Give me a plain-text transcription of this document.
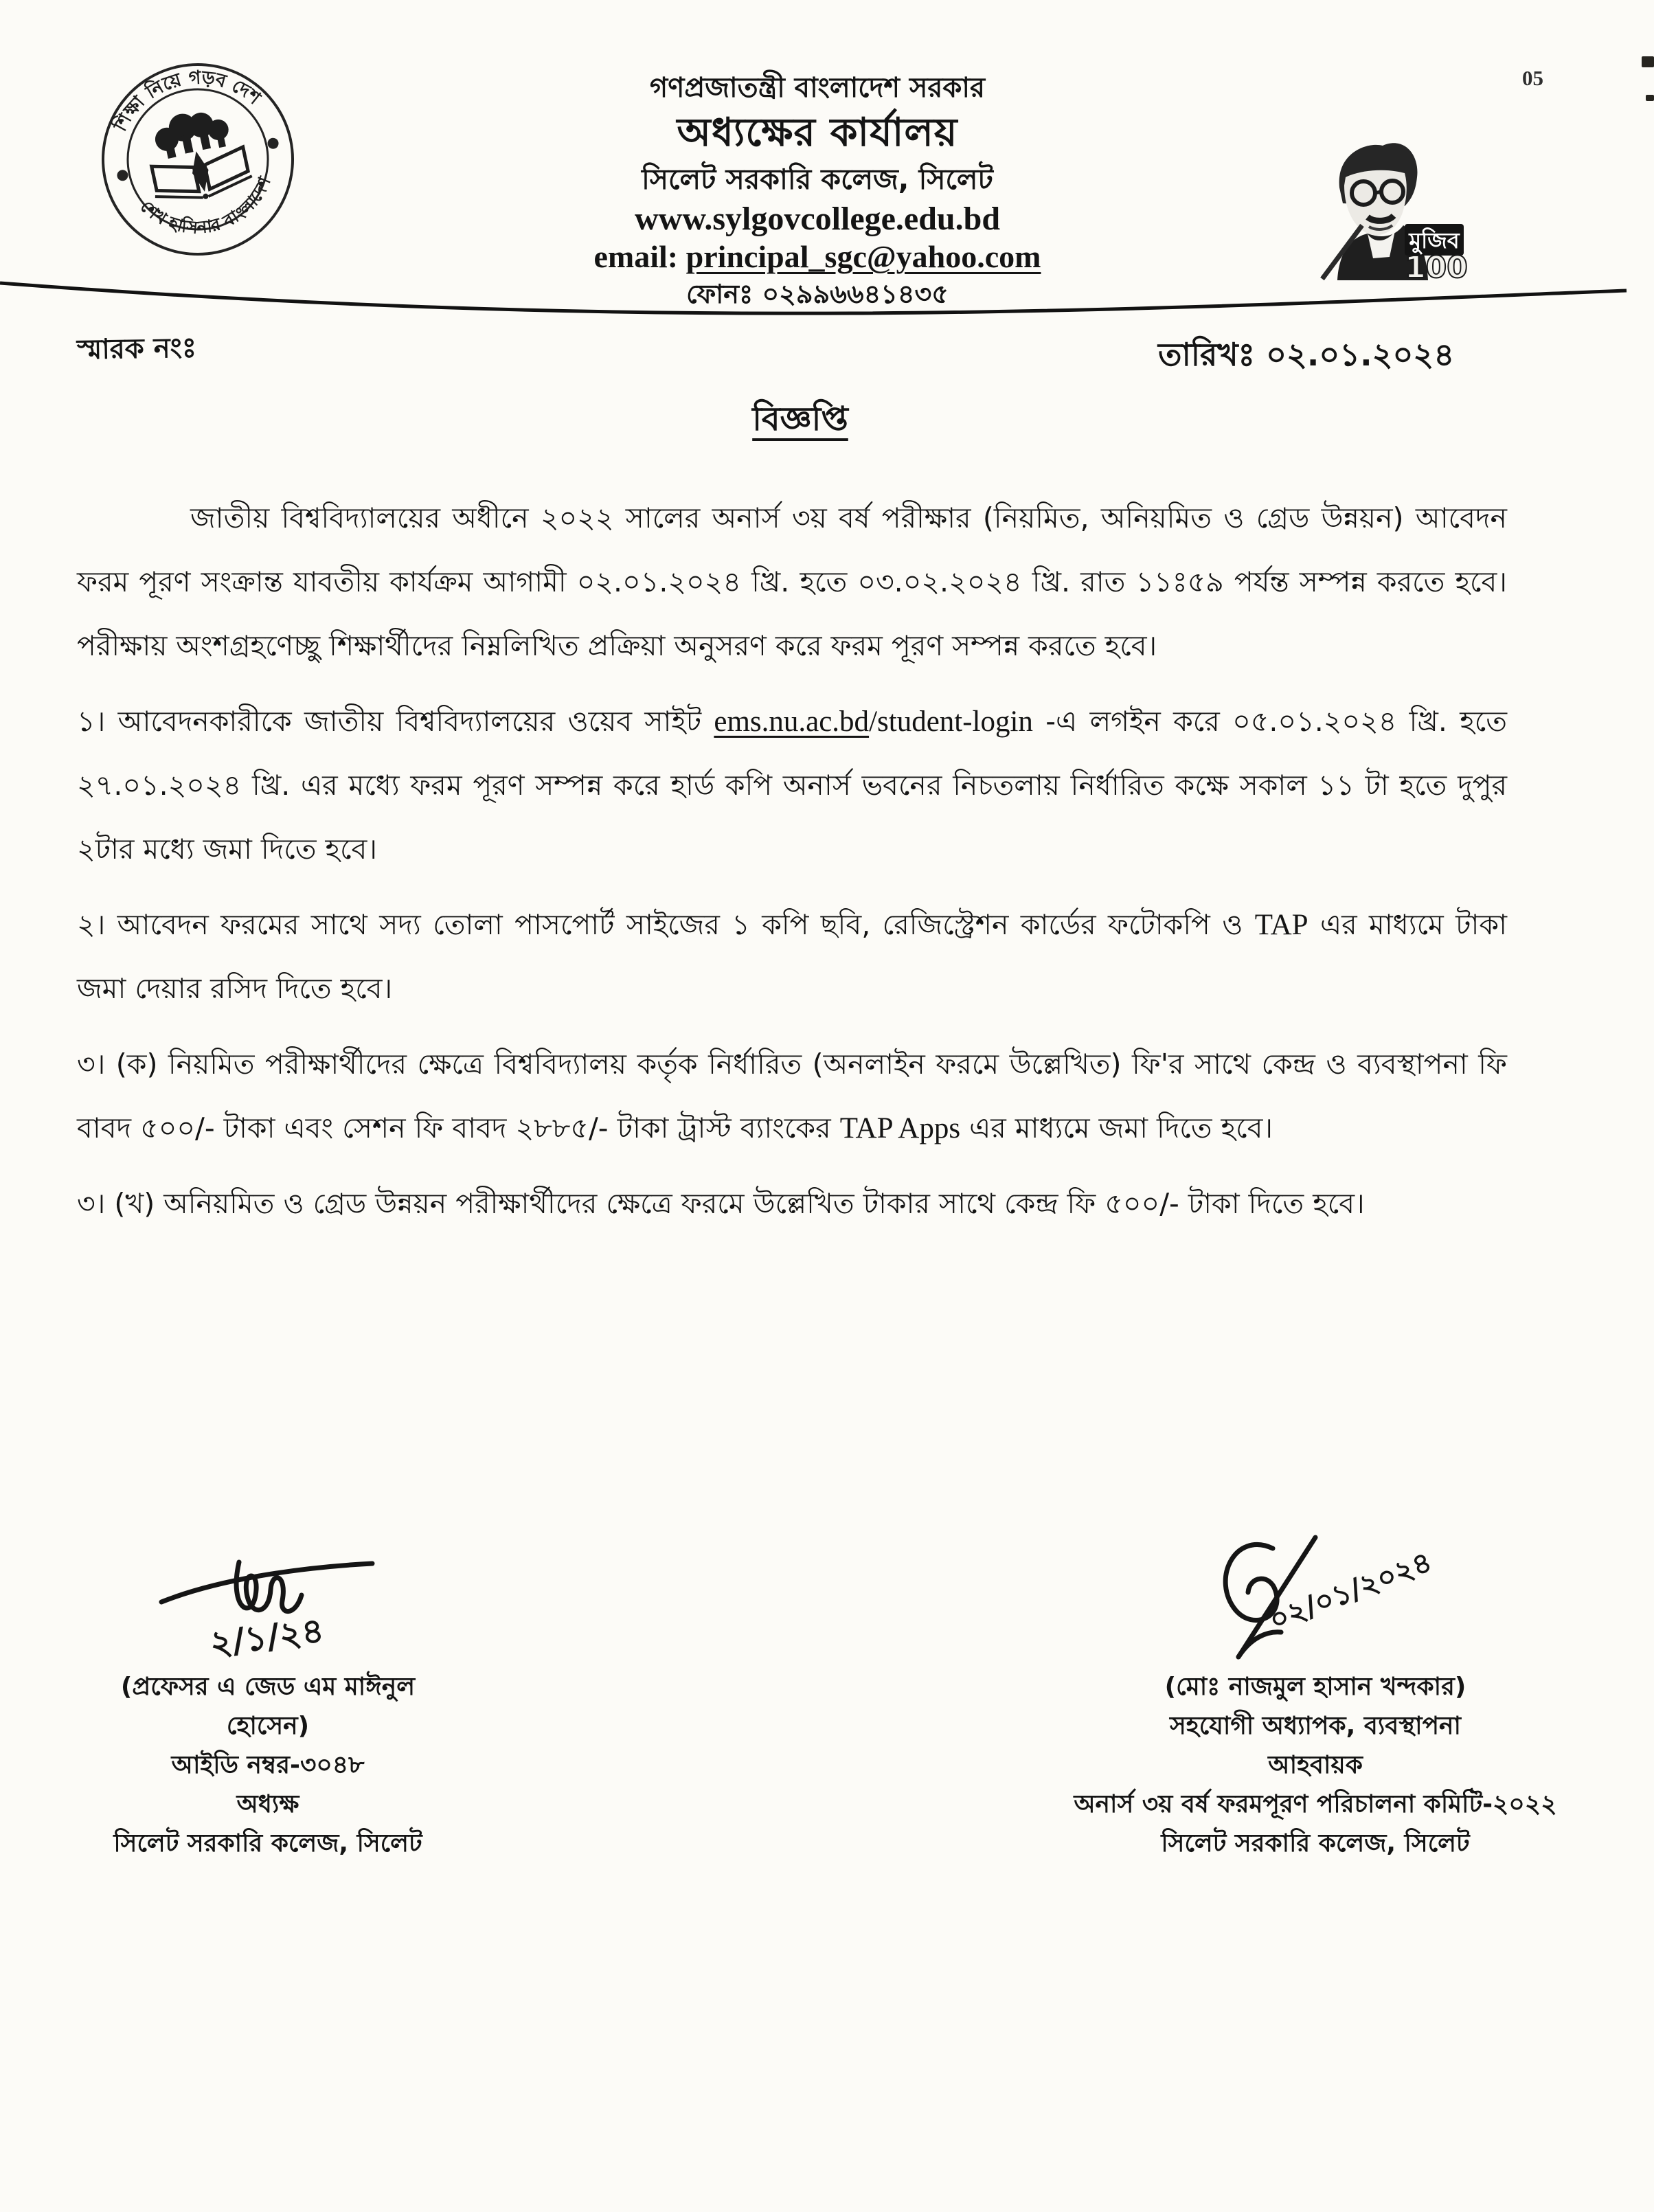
শিক্ষা নিয়ে গড়ব দেশ
শেখ হাসিনার বাংলাদেশ
গণপ্রজাতন্ত্রী বাংলাদেশ সরকার
অধ্যক্ষের কার্যালয়
সিলেট সরকারি কলেজ, সিলেট
www.sylgovcollege.edu.bd
email: principal_sgc@yahoo.com
ফোনঃ ০২৯৯৬৬৪১৪৩৫
মুজিব
100
05
স্মারক নংঃ	তারিখঃ ০২.০১.২০২৪
বিজ্ঞপ্তি

জাতীয় বিশ্ববিদ্যালয়ের অধীনে ২০২২ সালের অনার্স ৩য় বর্ষ পরীক্ষার (নিয়মিত, অনিয়মিত ও গ্রেড উন্নয়ন) আবেদন ফরম পূরণ সংক্রান্ত যাবতীয় কার্যক্রম আগামী ০২.০১.২০২৪ খ্রি. হতে ০৩.০২.২০২৪ খ্রি. রাত ১১ঃ৫৯ পর্যন্ত সম্পন্ন করতে হবে। পরীক্ষায় অংশগ্রহণেচ্ছু শিক্ষার্থীদের নিম্নলিখিত প্রক্রিয়া অনুসরণ করে ফরম পূরণ সম্পন্ন করতে হবে।

১। আবেদনকারীকে জাতীয় বিশ্ববিদ্যালয়ের ওয়েব সাইট ems.nu.ac.bd/student-login -এ লগইন করে ০৫.০১.২০২৪ খ্রি. হতে ২৭.০১.২০২৪ খ্রি. এর মধ্যে ফরম পূরণ সম্পন্ন করে হার্ড কপি অনার্স ভবনের নিচতলায় নির্ধারিত কক্ষে সকাল ১১ টা হতে দুপুর ২টার মধ্যে জমা দিতে হবে।

২। আবেদন ফরমের সাথে সদ্য তোলা পাসপোর্ট সাইজের ১ কপি ছবি, রেজিস্ট্রেশন কার্ডের ফটোকপি ও TAP এর মাধ্যমে টাকা জমা দেয়ার রসিদ দিতে হবে।

৩। (ক) নিয়মিত পরীক্ষার্থীদের ক্ষেত্রে বিশ্ববিদ্যালয় কর্তৃক নির্ধারিত (অনলাইন ফরমে উল্লেখিত) ফি'র সাথে কেন্দ্র ও ব্যবস্থাপনা ফি বাবদ ৫০০/- টাকা এবং সেশন ফি বাবদ ২৮৮৫/- টাকা ট্রাস্ট ব্যাংকের TAP Apps এর মাধ্যমে জমা দিতে হবে।

৩। (খ) অনিয়মিত ও গ্রেড উন্নয়ন পরীক্ষার্থীদের ক্ষেত্রে ফরমে উল্লেখিত টাকার সাথে কেন্দ্র ফি ৫০০/- টাকা দিতে হবে।

২/১/২৪
(প্রফেসর এ জেড এম মাঈনুল হোসেন)
আইডি নম্বর-৩০৪৮
অধ্যক্ষ
সিলেট সরকারি কলেজ, সিলেট
০২/০১/২০২৪
(মোঃ নাজমুল হাসান খন্দকার)
সহযোগী অধ্যাপক, ব্যবস্থাপনা
আহবায়ক
অনার্স ৩য় বর্ষ ফরমপূরণ পরিচালনা কমিটি-২০২২
সিলেট সরকারি কলেজ, সিলেট
